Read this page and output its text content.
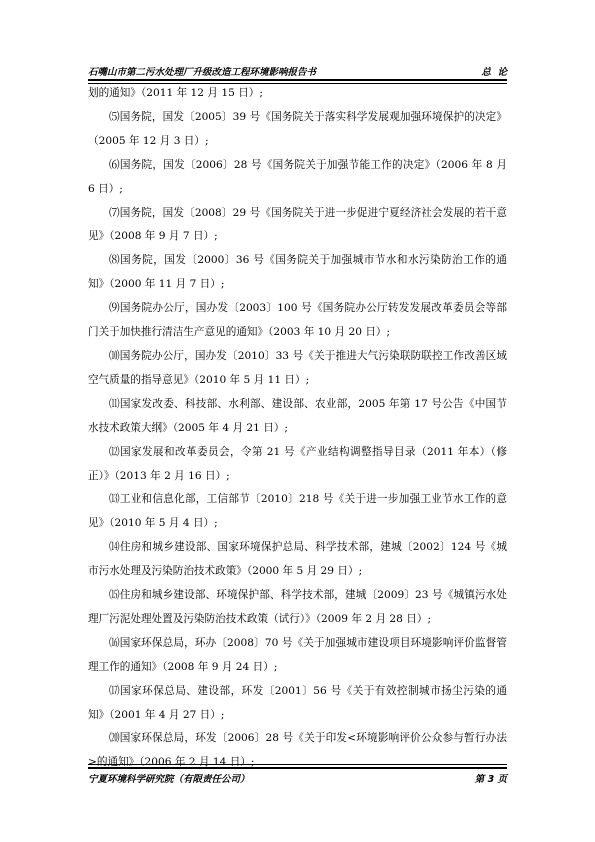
石嘴山市第二污水处理厂升级改造工程环境影响报告书	总  论

划的通知》（2011 年 12 月 15 日）;

⑸国务院，国发〔2005〕39 号《国务院关于落实科学发展观加强环境保护的决定》（2005 年 12 月 3 日）;

⑹国务院，国发〔2006〕28 号《国务院关于加强节能工作的决定》（2006 年 8 月 6 日）;

⑺国务院，国发〔2008〕29 号《国务院关于进一步促进宁夏经济社会发展的若干意见》（2008 年 9 月 7 日）;

⑻国务院，国发〔2000〕36 号《国务院关于加强城市节水和水污染防治工作的通知》（2000 年 11 月 7 日）;

⑼国务院办公厅，国办发〔2003〕100 号《国务院办公厅转发发展改革委员会等部门关于加快推行清洁生产意见的通知》（2003 年 10 月 20 日）;

⑽国务院办公厅，国办发〔2010〕33 号《关于推进大气污染联防联控工作改善区域空气质量的指导意见》（2010 年 5 月 11 日）;

⑾国家发改委、科技部、水利部、建设部、农业部，2005 年第 17 号公告《中国节水技术政策大纲》（2005 年 4 月 21 日）;

⑿国家发展和改革委员会，令第 21 号《产业结构调整指导目录（2011 年本）（修正）》（2013 年 2 月 16 日）;

⒀工业和信息化部，工信部节〔2010〕218 号《关于进一步加强工业节水工作的意见》（2010 年 5 月 4 日）;

⒁住房和城乡建设部、国家环境保护总局、科学技术部，建城〔2002〕124 号《城市污水处理及污染防治技术政策》（2000 年 5 月 29 日）;

⒂住房和城乡建设部、环境保护部、科学技术部，建城〔2009〕23 号《城镇污水处理厂污泥处理处置及污染防治技术政策（试行）》（2009 年 2 月 28 日）;

⒃国家环保总局，环办〔2008〕70 号《关于加强城市建设项目环境影响评价监督管理工作的通知》（2008 年 9 月 24 日）;

⒄国家环保总局、建设部，环发〔2001〕56 号《关于有效控制城市扬尘污染的通知》（2001 年 4 月 27 日）;

⒇国家环保总局，环发〔2006〕28 号《关于印发<环境影响评价公众参与暂行办法>的通知》（2006 年 2 月 14 日）;

宁夏环境科学研究院（有限责任公司）	第 3 页
